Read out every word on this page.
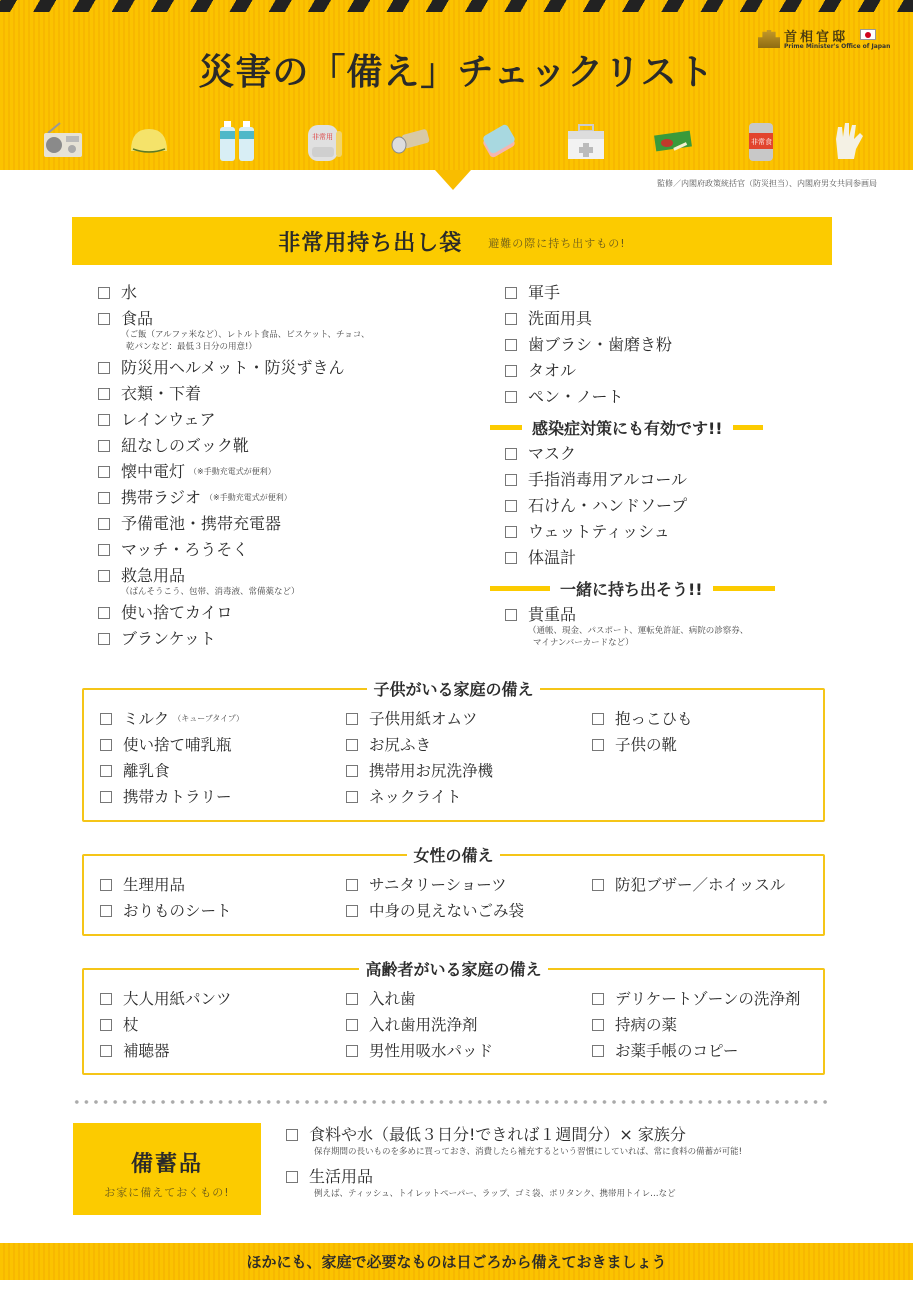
首相官邸
Prime Minister's Office of Japan
災害の「備え」チェックリスト
非常用
非常食
監修／内閣府政策統括官（防災担当）、内閣府男女共同参画局
非常用持ち出し袋 避難の際に持ち出すもの!
水
食品
（ご飯（アルファ米など）、レトルト食品、ビスケット、チョコ、
乾パンなど：最低３日分の用意!）
防災用ヘルメット・防災ずきん
衣類・下着
レインウェア
紐なしのズック靴
懐中電灯 （※手動充電式が便利）
携帯ラジオ （※手動充電式が便利）
予備電池・携帯充電器
マッチ・ろうそく
救急用品
（ばんそうこう、包帯、消毒液、常備薬など）
使い捨てカイロ
ブランケット
軍手
洗面用具
歯ブラシ・歯磨き粉
タオル
ペン・ノート
感染症対策にも有効です!!
マスク
手指消毒用アルコール
石けん・ハンドソープ
ウェットティッシュ
体温計
一緒に持ち出そう!!
貴重品
（通帳、現金、パスポート、運転免許証、病院の診察券、
マイナンバーカードなど）
子供がいる家庭の備え
ミルク （キューブタイプ）
使い捨て哺乳瓶
離乳食
携帯カトラリー
子供用紙オムツ
お尻ふき
携帯用お尻洗浄機
ネックライト
抱っこひも
子供の靴
女性の備え
生理用品
おりものシート
サニタリーショーツ
中身の見えないごみ袋
防犯ブザー／ホイッスル
高齢者がいる家庭の備え
大人用紙パンツ
杖
補聴器
入れ歯
入れ歯用洗浄剤
男性用吸水パッド
デリケートゾーンの洗浄剤
持病の薬
お薬手帳のコピー
備蓄品
お家に備えておくもの!
食料や水（最低３日分!できれば１週間分）× 家族分
保存期間の長いものを多めに買っておき、消費したら補充するという習慣にしていれば、常に食料の備蓄が可能!
生活用品
例えば、ティッシュ、トイレットペーパー、ラップ、ゴミ袋、ポリタンク、携帯用トイレ…など
ほかにも、家庭で必要なものは日ごろから備えておきましょう
